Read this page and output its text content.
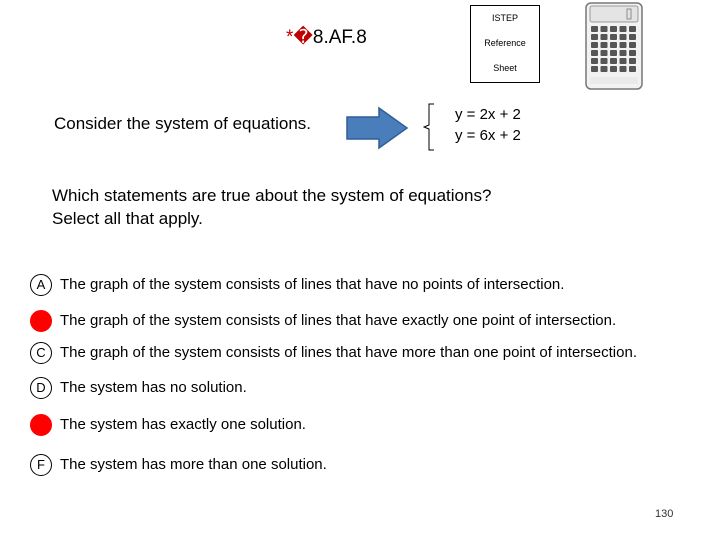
*�8.AF.8
ISTEP
Reference
Sheet
Consider the system of equations.	y = 2x + 2
y = 6x + 2
Which statements are true about the system of equations?
Select all that apply.
A The graph of the system consists of lines that have no points of intersection.
B The graph of the system consists of lines that have exactly one point of intersection.
C The graph of the system consists of lines that have more than one point of intersection.
D The system has no solution.
E The system has exactly one solution.
F	The system has more than one solution.
130
